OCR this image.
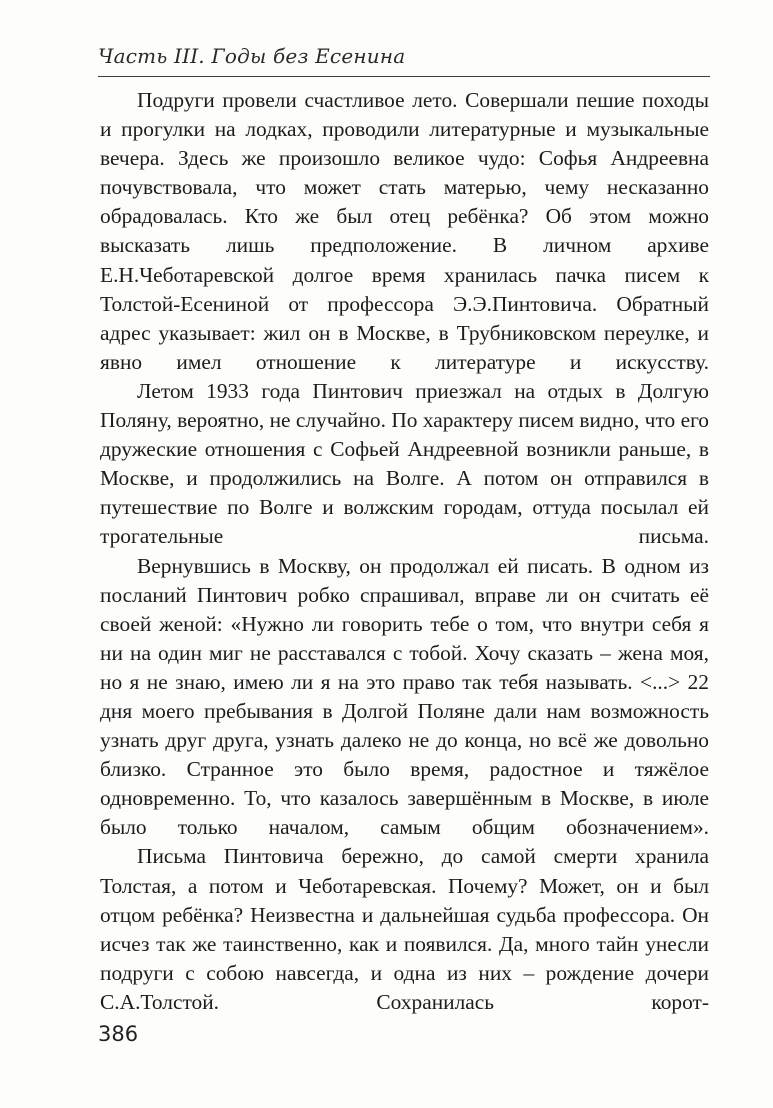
Часть III. Годы без Есенина

Подруги провели счастливое лето. Совершали пешие походы и прогулки на лодках, проводили литературные и музыкальные вечера. Здесь же произошло великое чудо: Софья Андреевна почувствовала, что может стать матерью, чему несказанно обрадовалась. Кто же был отец ребёнка? Об этом можно высказать лишь предположение. В личном архиве Е.Н.Чеботаревской долгое время хранилась пачка писем к Толстой-Есениной от профессора Э.Э.Пинтовича. Обратный адрес указывает: жил он в Москве, в Трубниковском переулке, и явно имел отношение к литературе и искусству.

Летом 1933 года Пинтович приезжал на отдых в Долгую Поляну, вероятно, не случайно. По характеру писем видно, что его дружеские отношения с Софьей Андреевной возникли раньше, в Москве, и продолжились на Волге. А потом он отправился в путешествие по Волге и волжским городам, оттуда посылал ей трогательные письма.

Вернувшись в Москву, он продолжал ей писать. В одном из посланий Пинтович робко спрашивал, вправе ли он считать её своей женой: «Нужно ли говорить тебе о том, что внутри себя я ни на один миг не расставался с тобой. Хочу сказать – жена моя, но я не знаю, имею ли я на это право так тебя называть. <...> 22 дня моего пребывания в Долгой Поляне дали нам возможность узнать друг друга, узнать далеко не до конца, но всё же довольно близко. Странное это было время, радостное и тяжёлое одновременно. То, что казалось завершённым в Москве, в июле было только началом, самым общим обозначением».

Письма Пинтовича бережно, до самой смерти хранила Толстая, а потом и Чеботаревская. Почему? Может, он и был отцом ребёнка? Неизвестна и дальнейшая судьба профессора. Он исчез так же таинственно, как и появился. Да, много тайн унесли подруги с собою навсегда, и одна из них – рождение дочери С.А.Толстой. Сохранилась корот-

386
